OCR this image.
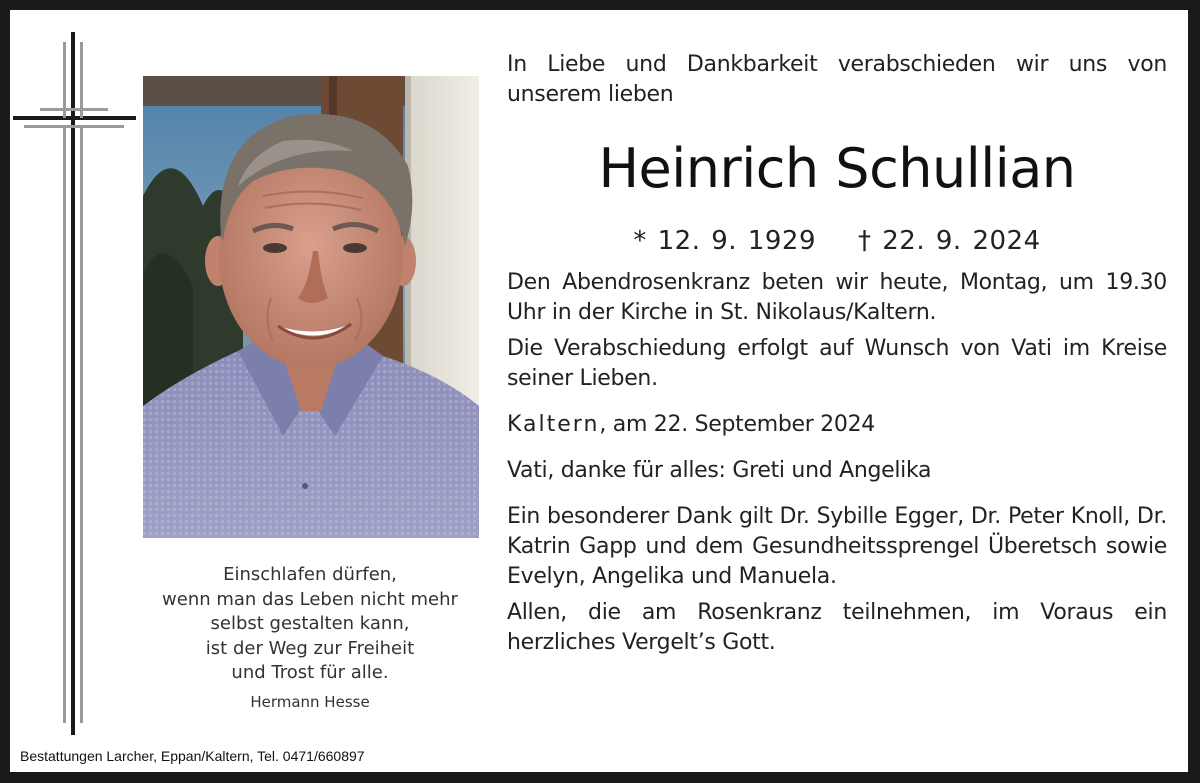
Einschlafen dürfen,
wenn man das Leben nicht mehr
selbst gestalten kann,
ist der Weg zur Freiheit
und Trost für alle.
Hermann Hesse
Bestattungen Larcher, Eppan/Kaltern, Tel. 0471/660897

In Liebe und Dankbarkeit verabschieden wir uns von unserem lieben

Heinrich Schullian
* 12. 9. 1929 † 22. 9. 2024

Den Abendrosenkranz beten wir heute, Montag, um 19.30 Uhr in der Kirche in St. Nikolaus/Kaltern.

Die Verabschiedung erfolgt auf Wunsch von Vati im Kreise seiner Lieben.

Kaltern, am 22. September 2024

Vati, danke für alles: Greti und Angelika

Ein besonderer Dank gilt Dr. Sybille Egger, Dr. Peter Knoll, Dr. Katrin Gapp und dem Gesundheitssprengel Überetsch sowie Evelyn, Angelika und Manuela.

Allen, die am Rosenkranz teilnehmen, im Voraus ein herzliches Vergelt’s Gott.
